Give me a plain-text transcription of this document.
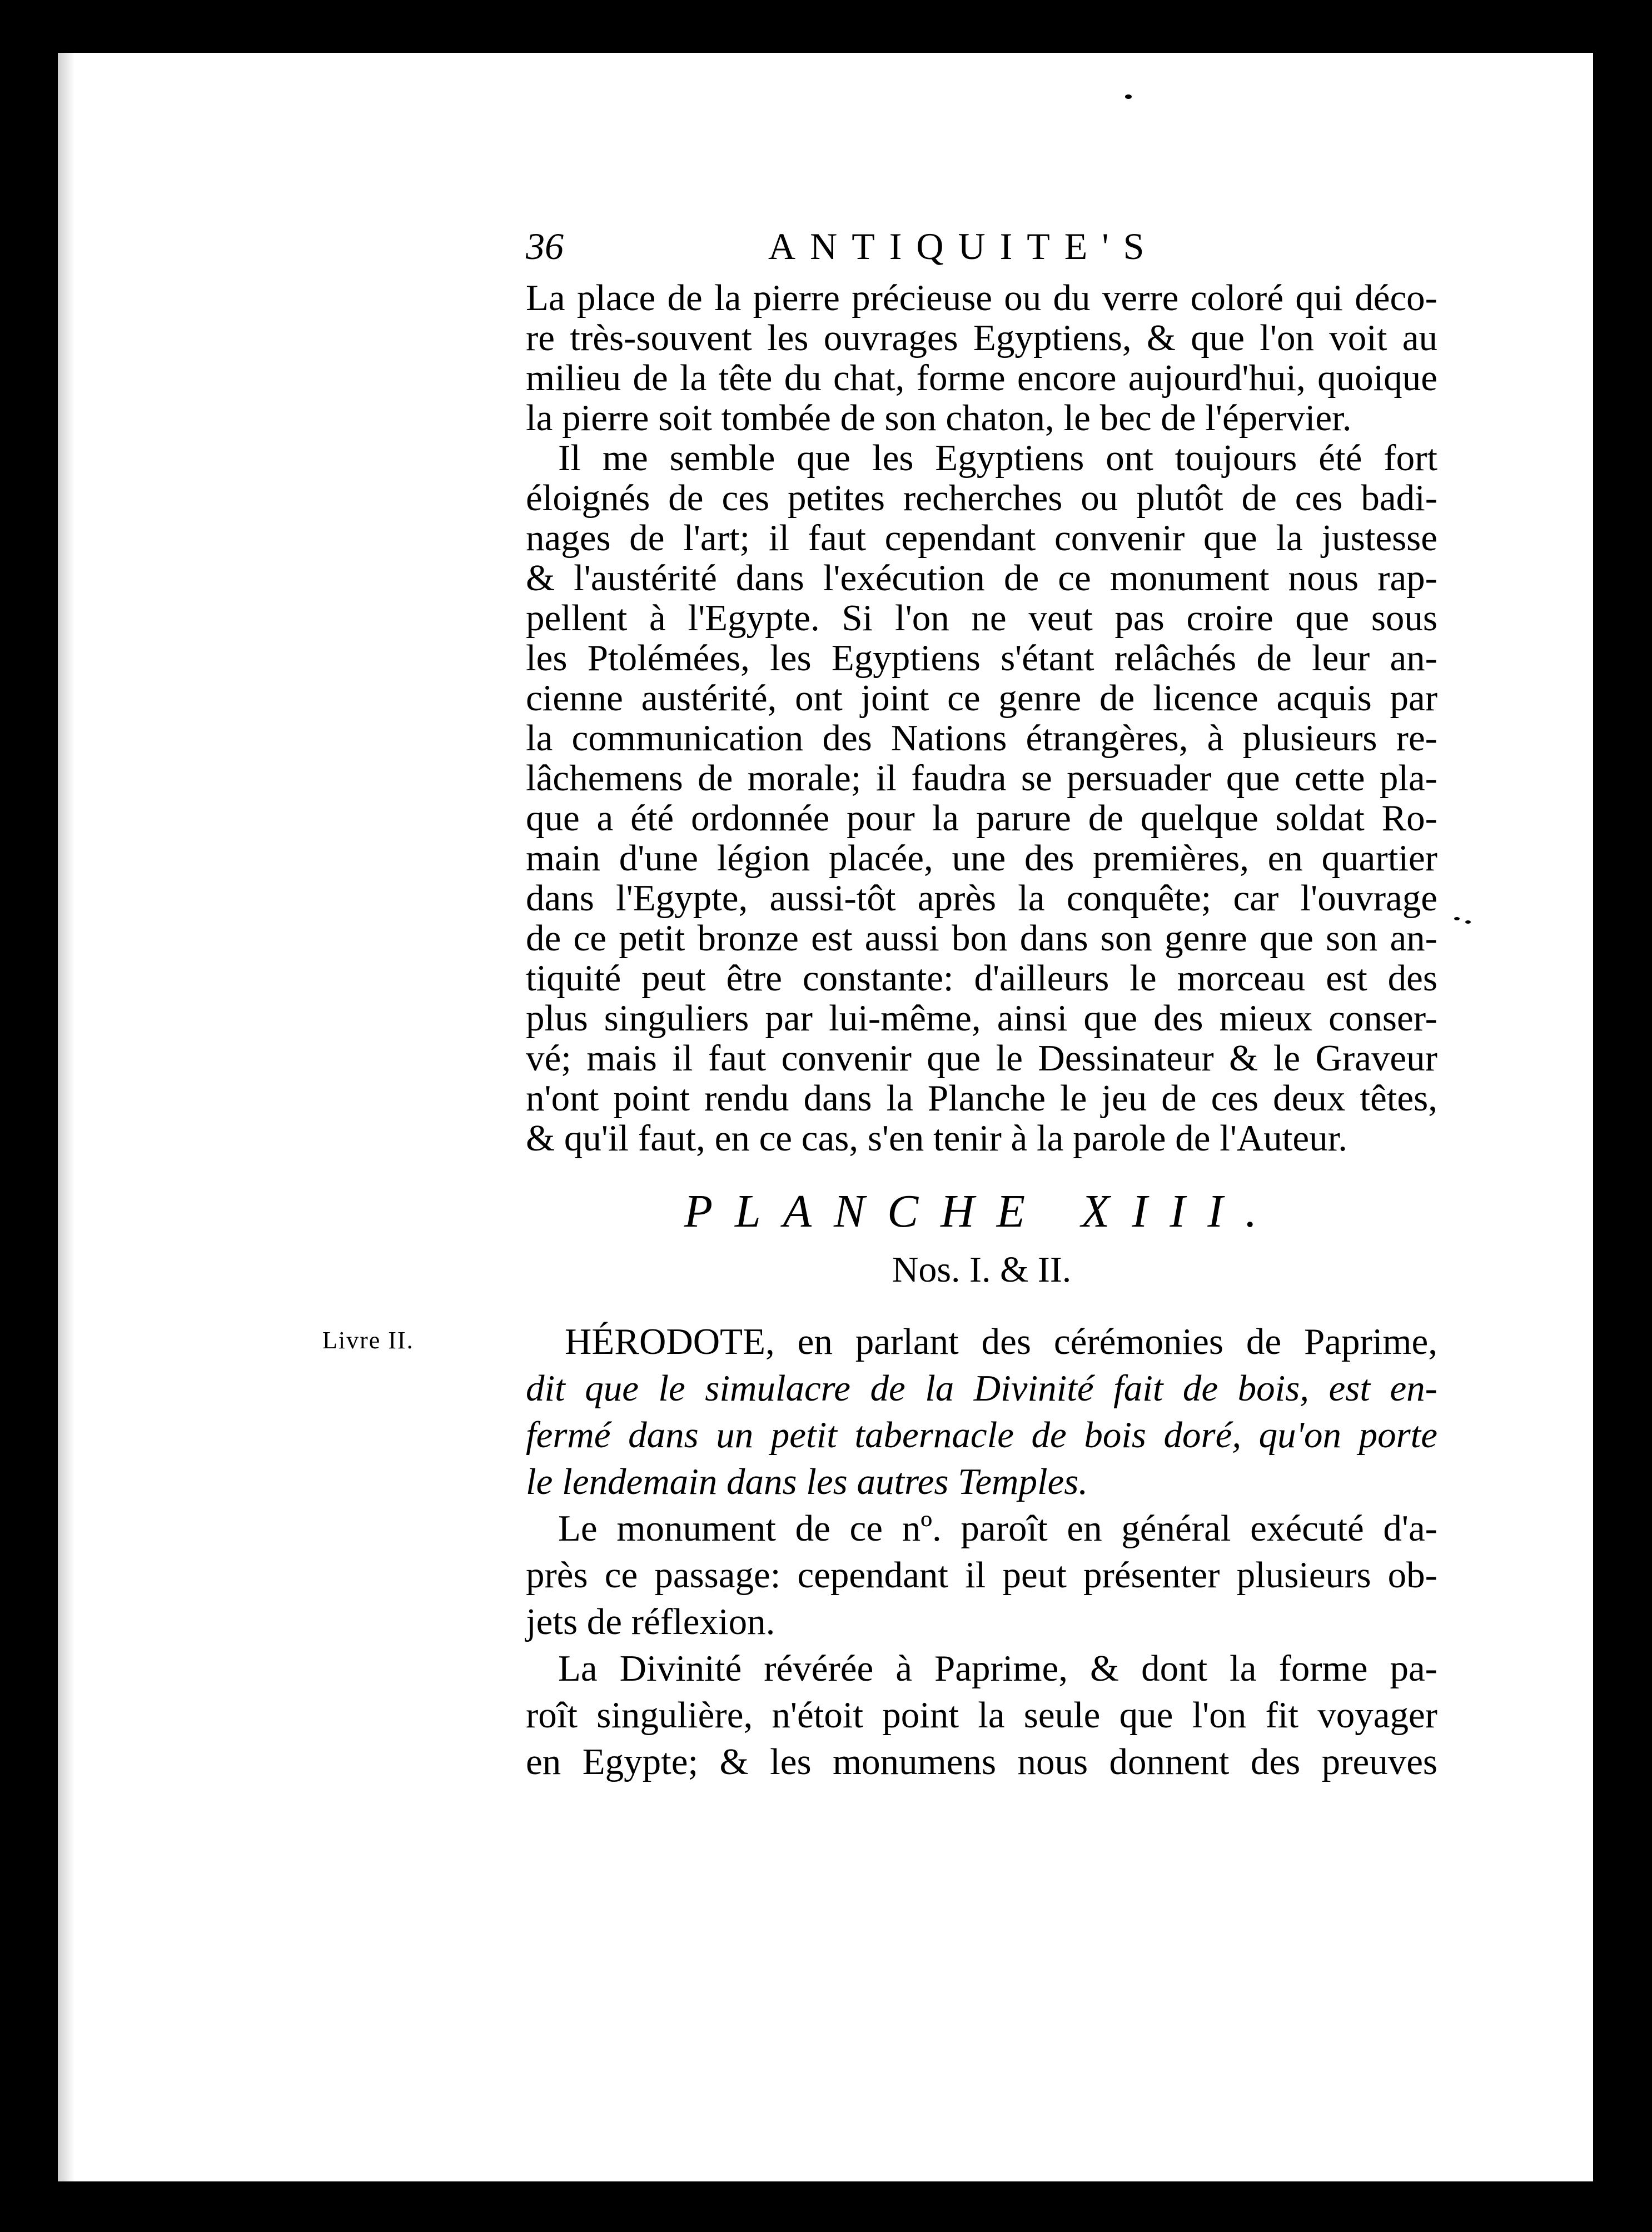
36	ANTIQUITE'S
La place de la pierre précieuse ou du verre coloré qui déco-
re très-souvent les ouvrages Egyptiens, & que l'on voit au
milieu de la tête du chat, forme encore aujourd'hui, quoique
la pierre soit tombée de son chaton, le bec de l'épervier.
Il me semble que les Egyptiens ont toujours été fort
éloignés de ces petites recherches ou plutôt de ces badi-
nages de l'art; il faut cependant convenir que la justesse
& l'austérité dans l'exécution de ce monument nous rap-
pellent à l'Egypte. Si l'on ne veut pas croire que sous
les Ptolémées, les Egyptiens s'étant relâchés de leur an-
cienne austérité, ont joint ce genre de licence acquis par
la communication des Nations étrangères, à plusieurs re-
lâchemens de morale; il faudra se persuader que cette pla-
que a été ordonnée pour la parure de quelque soldat Ro-
main d'une légion placée, une des premières, en quartier
dans l'Egypte, aussi-tôt après la conquête; car l'ouvrage
de ce petit bronze est aussi bon dans son genre que son an-
tiquité peut être constante: d'ailleurs le morceau est des
plus singuliers par lui-même, ainsi que des mieux conser-
vé; mais il faut convenir que le Dessinateur & le Graveur
n'ont point rendu dans la Planche le jeu de ces deux têtes,
& qu'il faut, en ce cas, s'en tenir à la parole de l'Auteur.
PLANCHE XIII.
Nos. I. & II.
HÉRODOTE, en parlant des cérémonies de Paprime,
dit que le simulacre de la Divinité fait de bois, est en-
fermé dans un petit tabernacle de bois doré, qu'on porte
le lendemain dans les autres Temples.
Le monument de ce nº. paroît en général exécuté d'a-
près ce passage: cependant il peut présenter plusieurs ob-
jets de réflexion.
La Divinité révérée à Paprime, & dont la forme pa-
roît singulière, n'étoit point la seule que l'on fit voyager
en Egypte; & les monumens nous donnent des preuves
Livre II.
